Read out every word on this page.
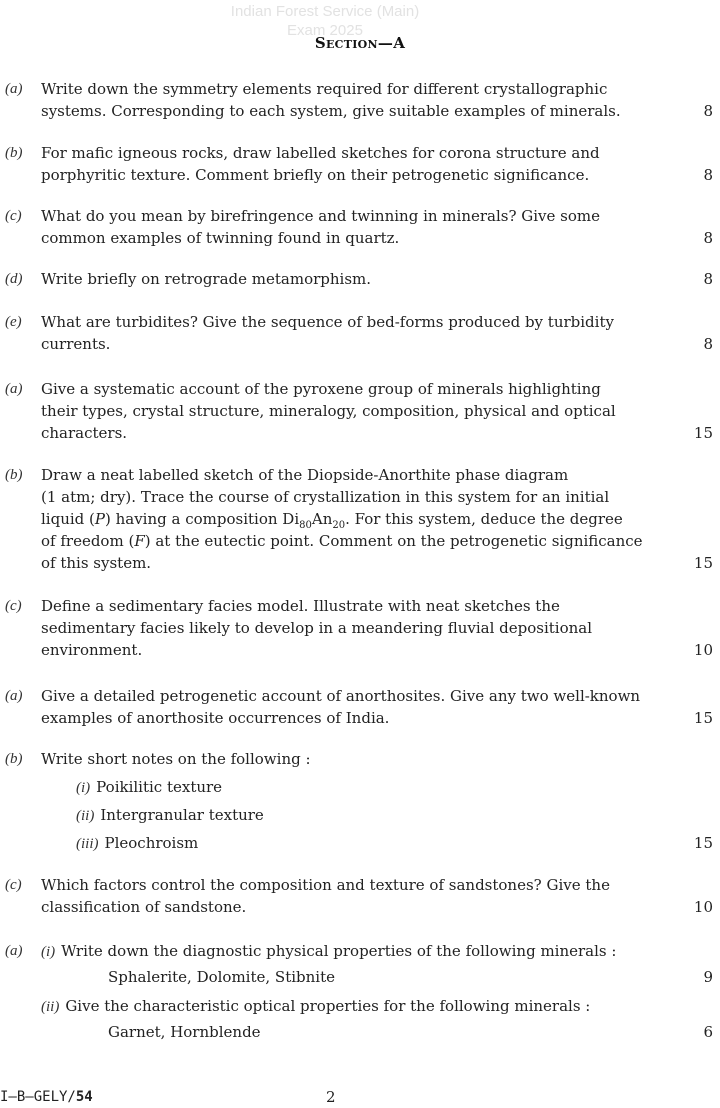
Indian Forest Service (Main)
Exam 2025
Section—A
(a)	Write down the symmetry elements required for different crystallographic
systems. Corresponding to each system, give suitable examples of minerals.	8
(b)	For mafic igneous rocks, draw labelled sketches for corona structure and
porphyritic texture. Comment briefly on their petrogenetic significance.	8
(c)	What do you mean by birefringence and twinning in minerals? Give some
common examples of twinning found in quartz.	8
(d)	Write briefly on retrograde metamorphism.	8
(e)	What are turbidites? Give the sequence of bed-forms produced by turbidity
currents.	8
(a)	Give a systematic account of the pyroxene group of minerals highlighting
their types, crystal structure, mineralogy, composition, physical and optical
characters.	15
(b)	Draw a neat labelled sketch of the Diopside-Anorthite phase diagram
(1 atm; dry). Trace the course of crystallization in this system for an initial
liquid (P) having a composition $Di_{80}An_{20}$. For this system, deduce the degree
of freedom (F) at the eutectic point. Comment on the petrogenetic significance
of this system.	15
(c)	Define a sedimentary facies model. Illustrate with neat sketches the
sedimentary facies likely to develop in a meandering fluvial depositional
environment.	10
(a)	Give a detailed petrogenetic account of anorthosites. Give any two well-known
examples of anorthosite occurrences of India.	15
(b)	Write short notes on the following :
(i) Poikilitic texture
(ii) Intergranular texture
(iii) Pleochroism	15
(c)	Which factors control the composition and texture of sandstones? Give the
classification of sandstone.	10
(a)	(i) Write down the diagnostic physical properties of the following minerals :
Sphalerite, Dolomite, Stibnite	9
(ii) Give the characteristic optical properties for the following minerals :
Garnet, Hornblende	6
I–B–GELY/54	2
